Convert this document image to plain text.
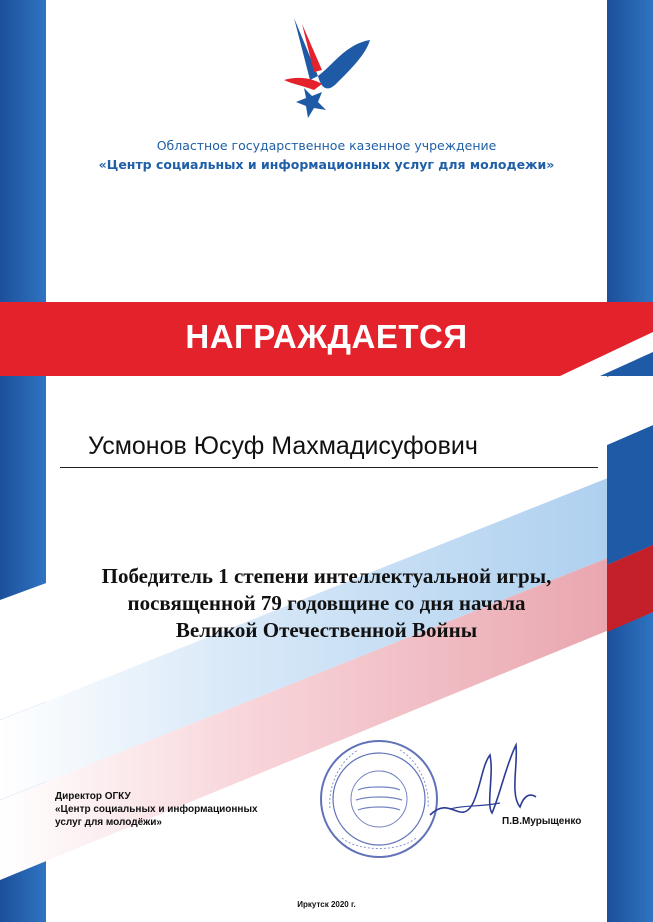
Областное государственное казенное учреждение
«Центр социальных и информационных услуг для молодежи»
НАГРАЖДАЕТСЯ
Усмонов Юсуф Махмадисуфович
Победитель 1 степени интеллектуальной игры,
посвященной 79 годовщине со дня начала
Великой Отечественной Войны
Директор ОГКУ
«Центр социальных и информационных
услуг для молодёжи»	П.В.Мурыщенко
Иркутск 2020 г.
